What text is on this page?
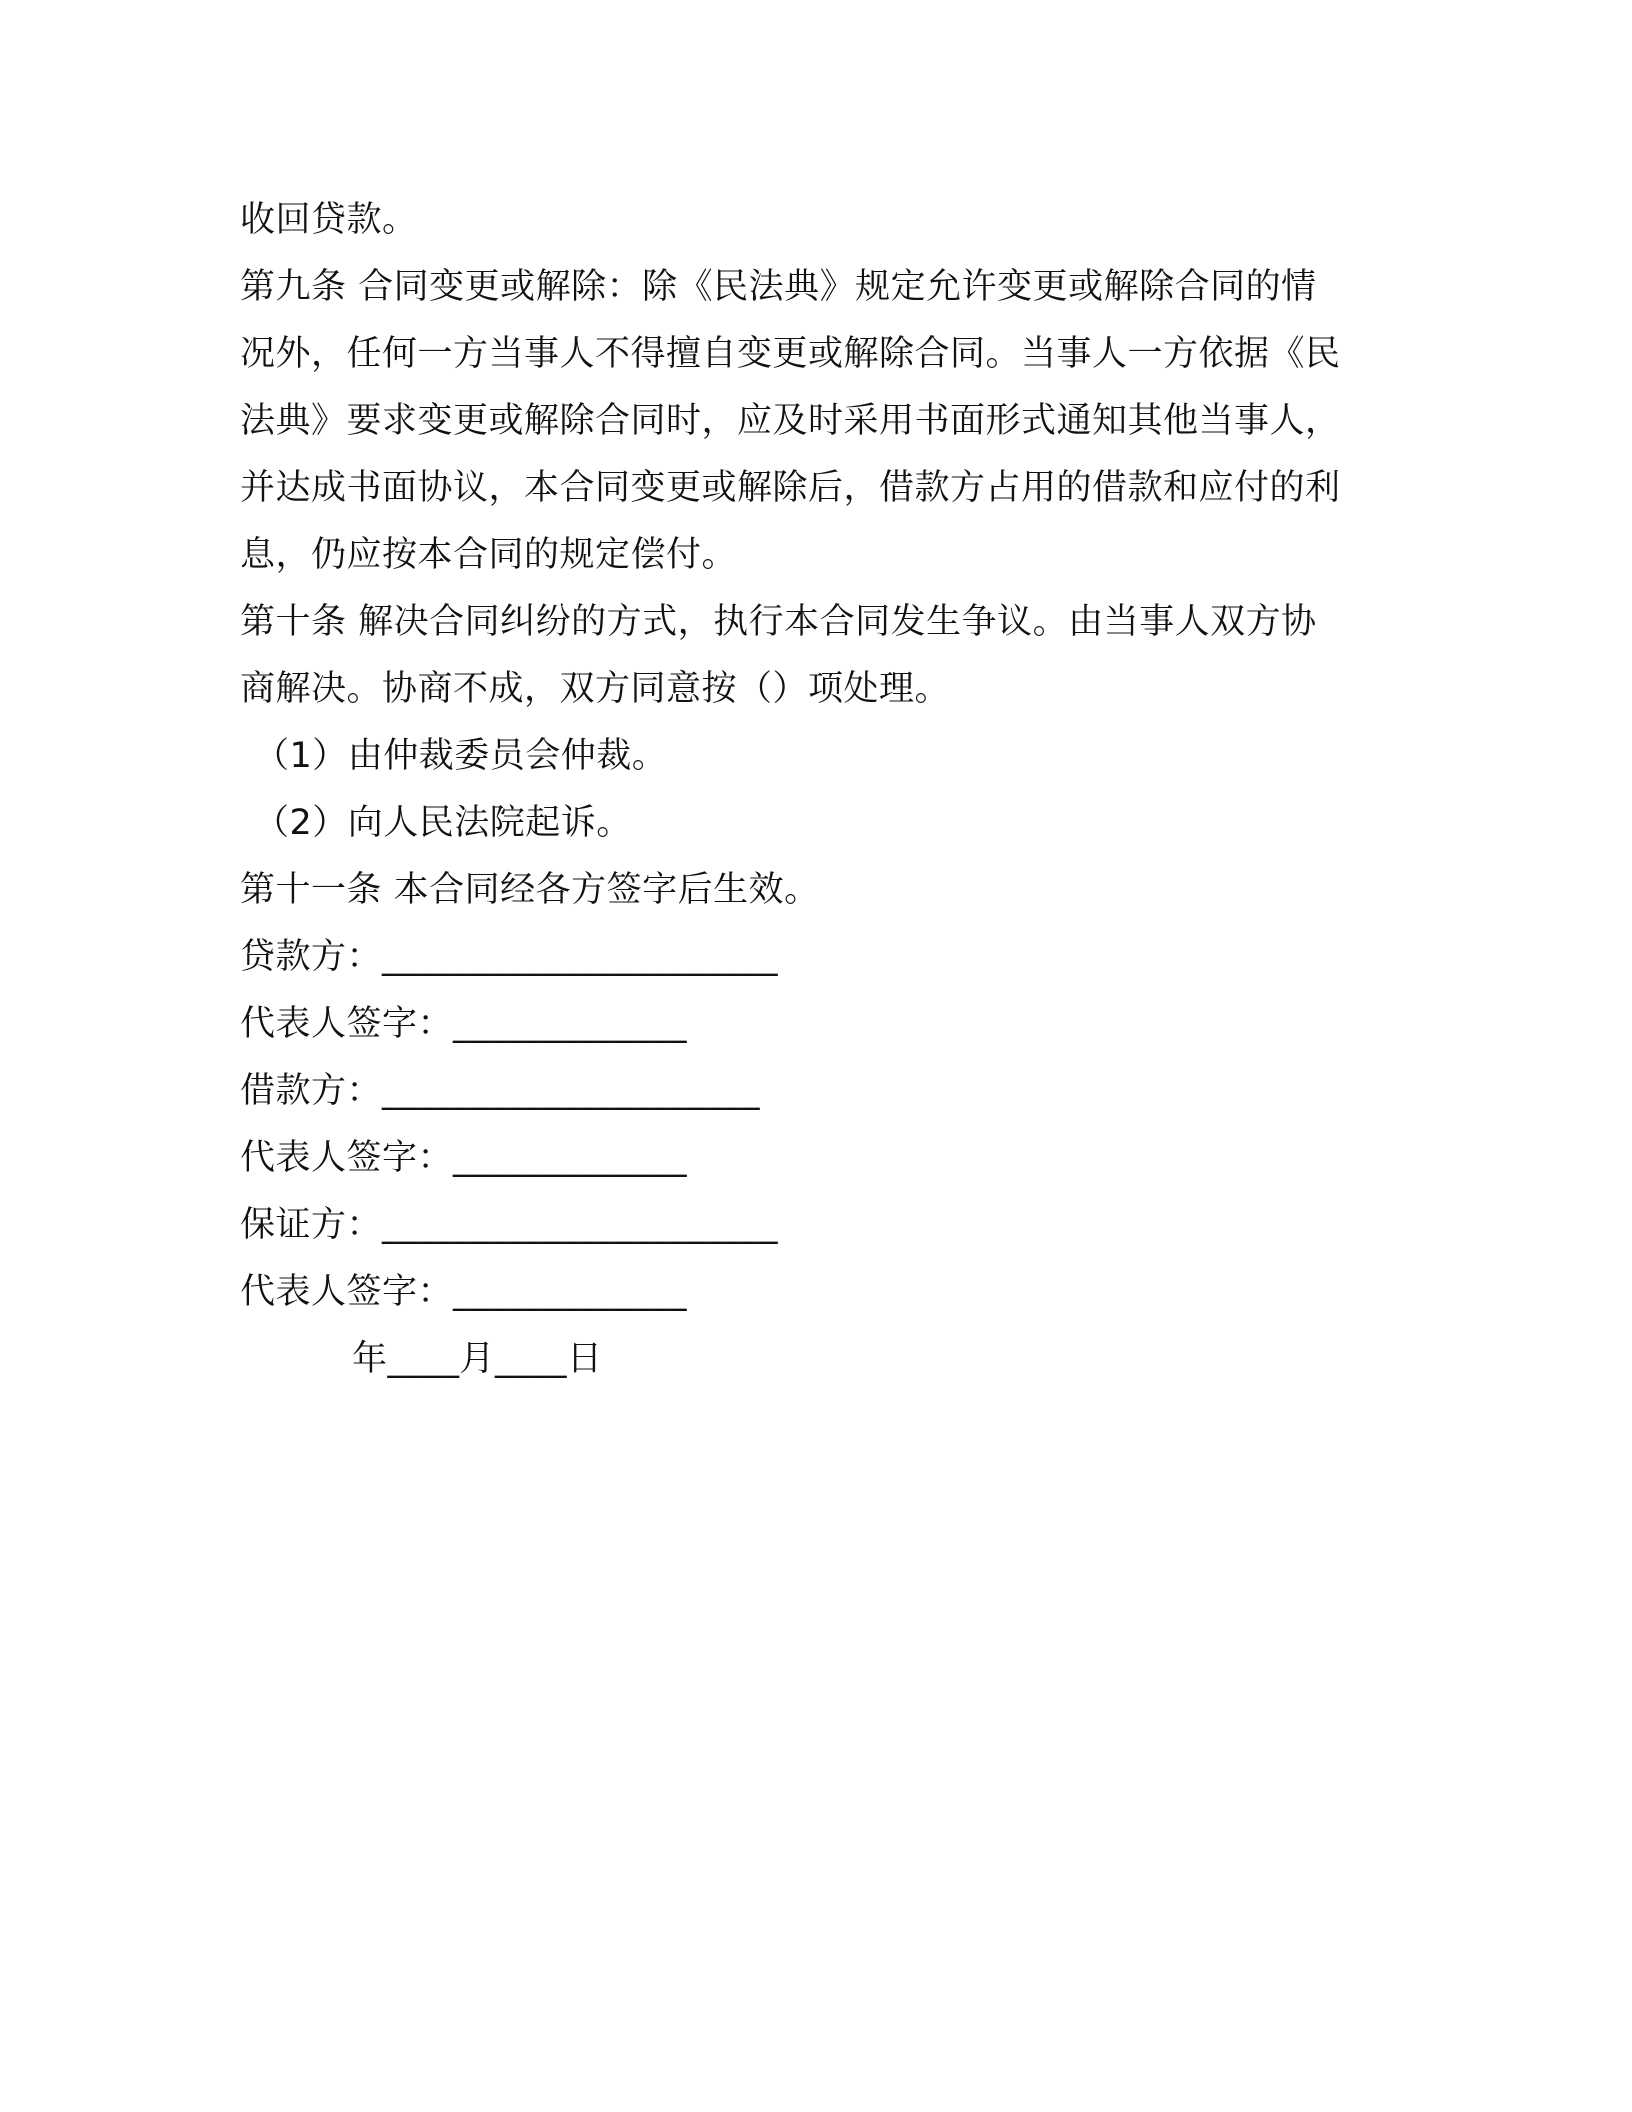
收回贷款。
第九条 合同变更或解除：除《民法典》规定允许变更或解除合同的情
况外，任何一方当事人不得擅自变更或解除合同。当事人一方依据《民
法典》要求变更或解除合同时，应及时采用书面形式通知其他当事人，
并达成书面协议，本合同变更或解除后，借款方占用的借款和应付的利
息，仍应按本合同的规定偿付。
第十条 解决合同纠纷的方式，执行本合同发生争议。由当事人双方协
商解决。协商不成，双方同意按（）项处理。
（1）由仲裁委员会仲裁。
（2）向人民法院起诉。
第十一条 本合同经各方签字后生效。
贷款方：______________________
代表人签字：_____________
借款方：_____________________
代表人签字：_____________
保证方：______________________
代表人签字：_____________
年____月____日
